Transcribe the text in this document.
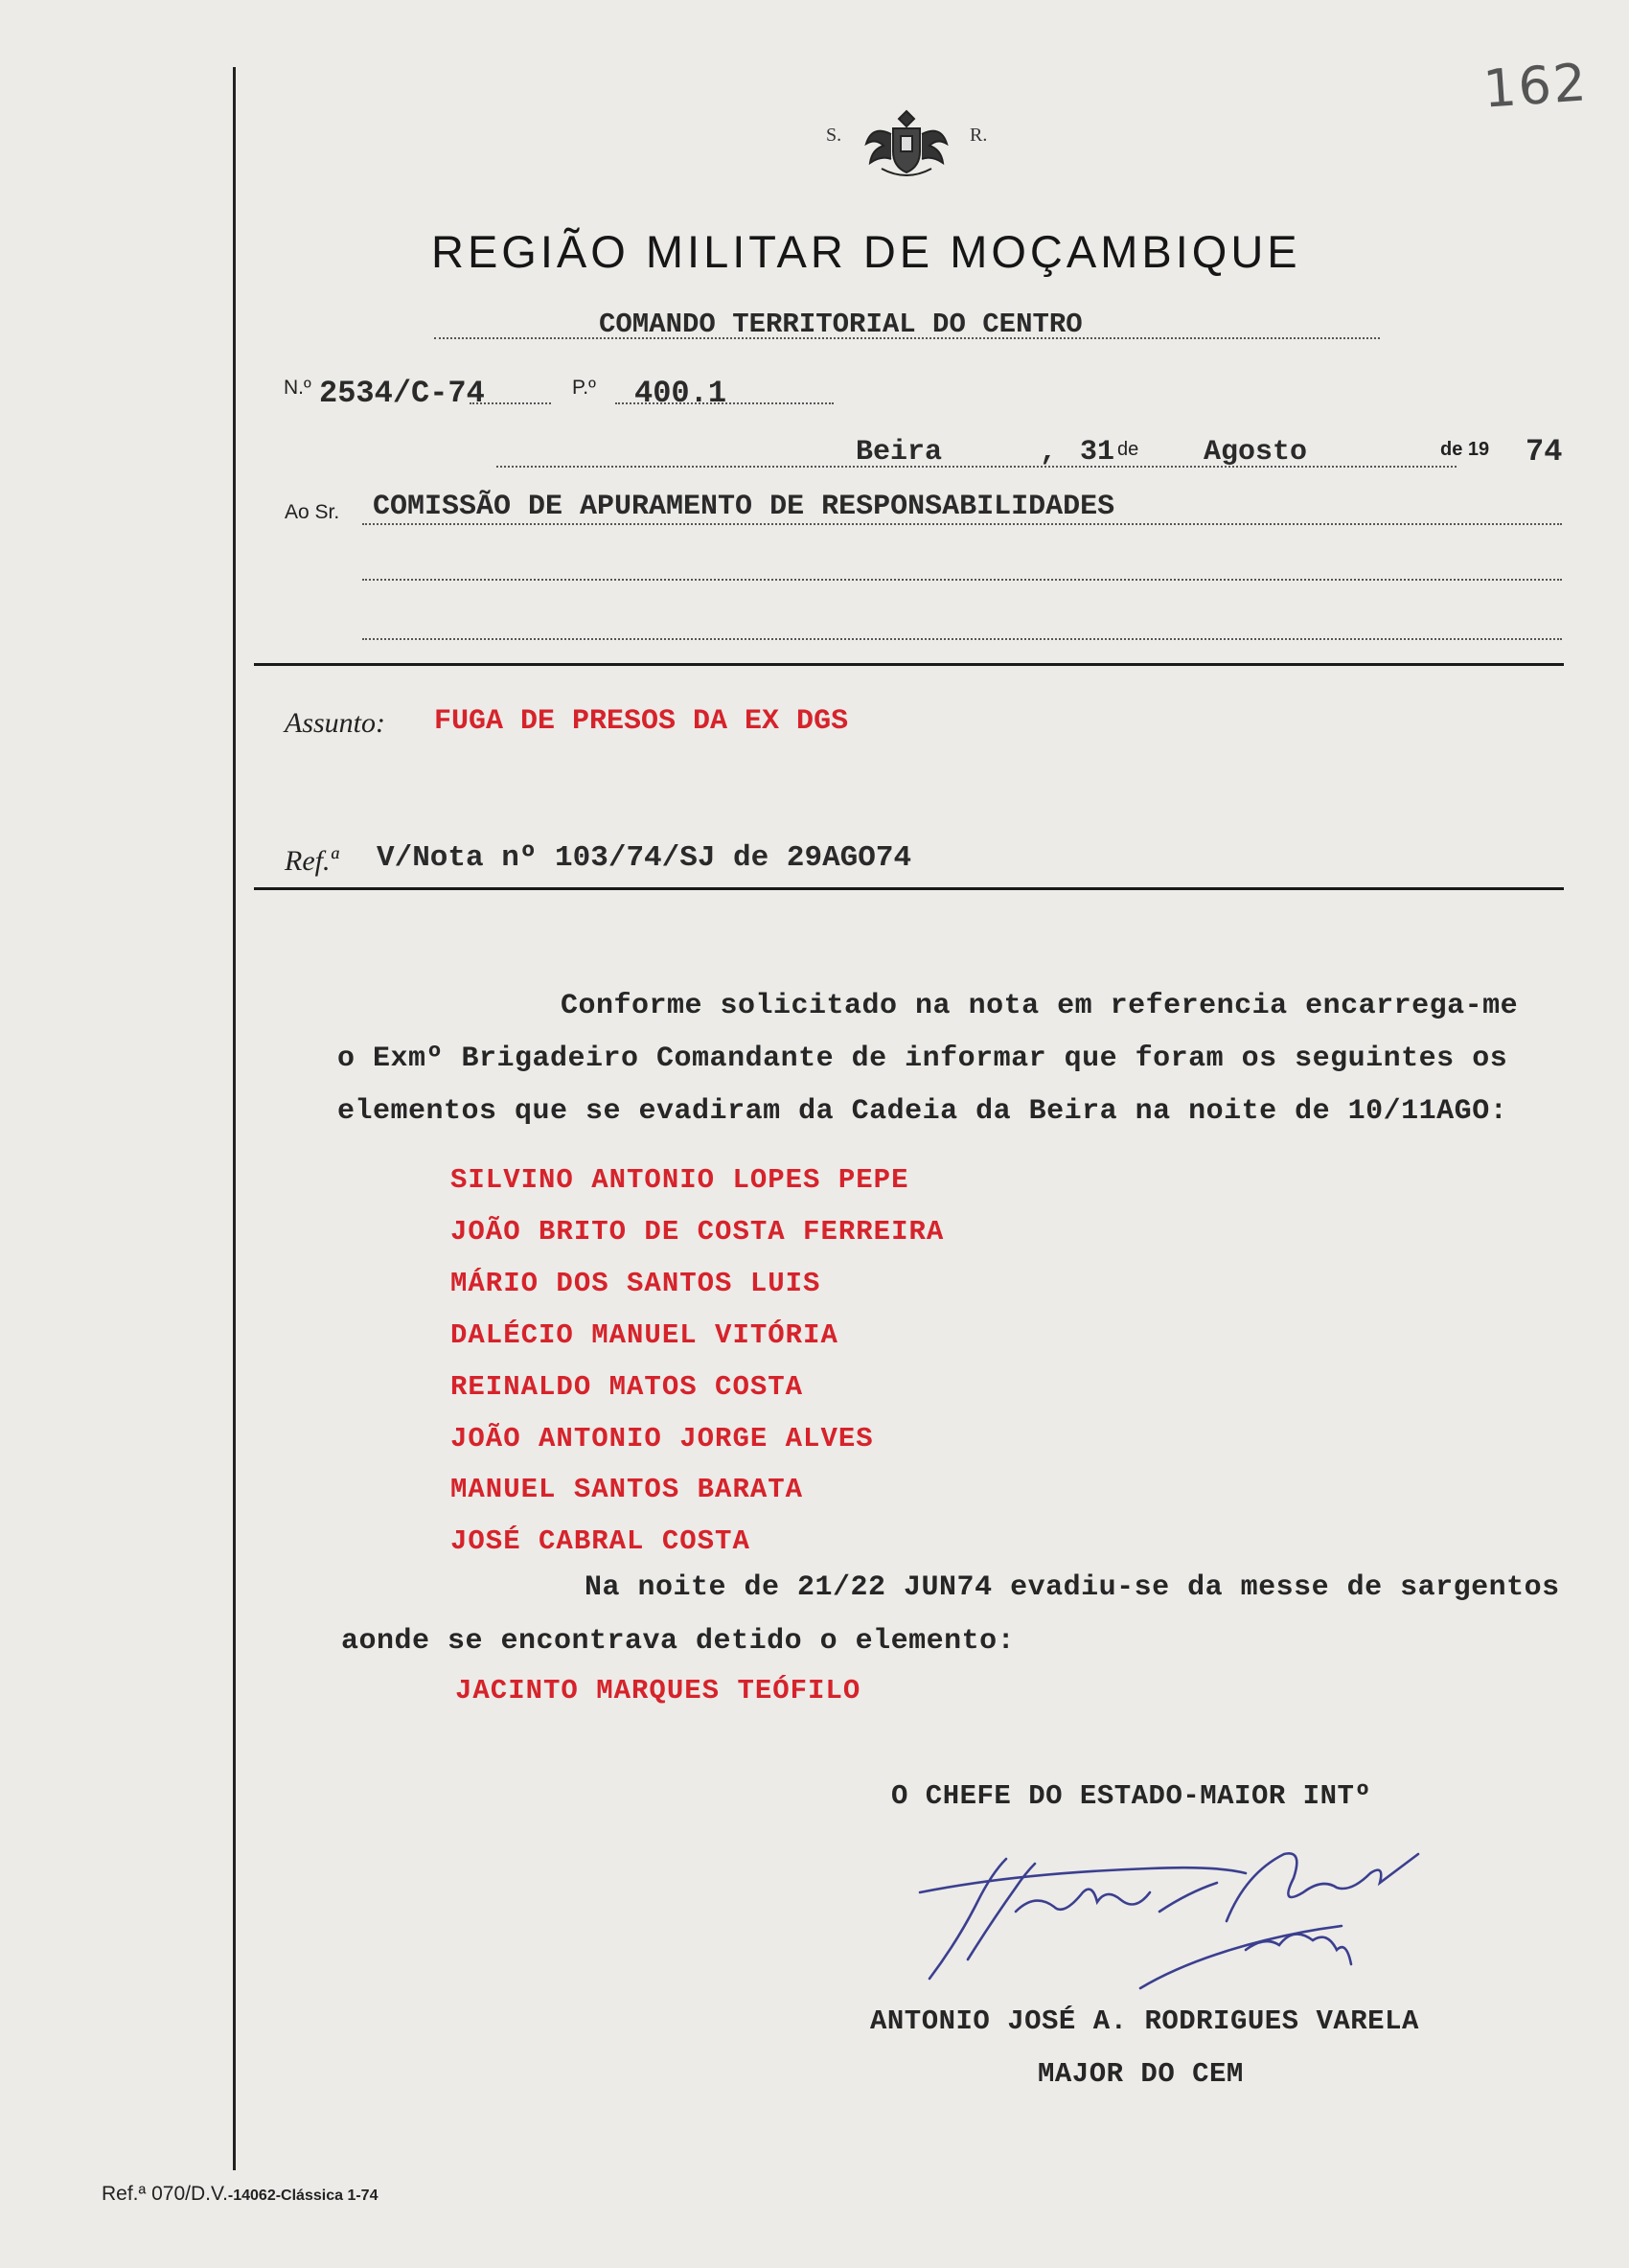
162
S.	R.
REGIÃO MILITAR DE MOÇAMBIQUE
COMANDO TERRITORIAL DO CENTRO
N.º 2534/C-74	P.º 400.1
Beira	, 31 de Agosto	de 19 74
Ao Sr. COMISSÃO DE APURAMENTO DE RESPONSABILIDADES
Assunto: FUGA DE PRESOS DA EX DGS
Ref.ª V/Nota nº 103/74/SJ de 29AGO74
Conforme solicitado na nota em referencia encarrega-me
o Exmº Brigadeiro Comandante de informar que foram os seguintes os
elementos que se evadiram da Cadeia da Beira na noite de 10/11AGO:
SILVINO ANTONIO LOPES PEPE
JOÃO BRITO DE COSTA FERREIRA
MÁRIO DOS SANTOS LUIS
DALÉCIO MANUEL VITÓRIA
REINALDO MATOS COSTA
JOÃO ANTONIO JORGE ALVES
MANUEL SANTOS BARATA
JOSÉ CABRAL COSTA
Na noite de 21/22 JUN74 evadiu-se da messe de sargentos
aonde se encontrava detido o elemento:
JACINTO MARQUES TEÓFILO
O CHEFE DO ESTADO-MAIOR INTº
ANTONIO JOSÉ A. RODRIGUES VARELA
MAJOR DO CEM
Ref.ª 070/D.V.-14062-Clássica 1-74
